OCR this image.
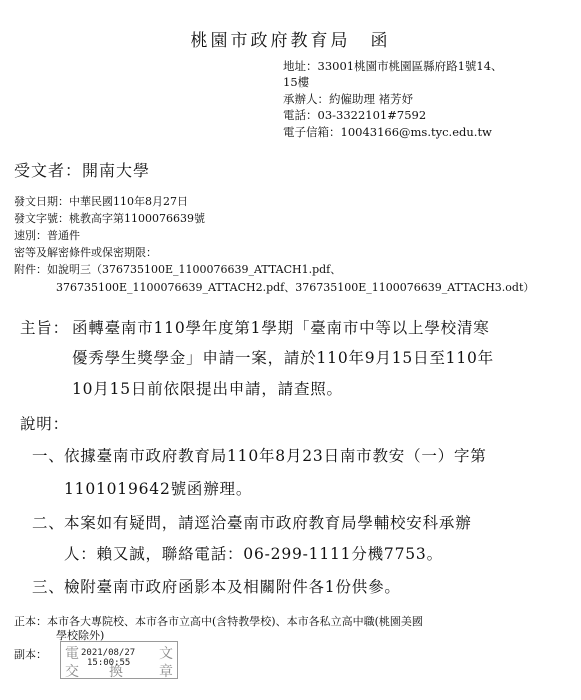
桃園市政府教育局　函
地址：33001桃園市桃園區縣府路1號14、
15樓
承辦人：約僱助理 褚芳妤
電話：03-3322101#7592
電子信箱：10043166@ms.tyc.edu.tw
受文者：開南大學
發文日期：中華民國110年8月27日
發文字號：桃教高字第1100076639號
速別：普通件
密等及解密條件或保密期限：
附件：如說明三（376735100E_1100076639_ATTACH1.pdf、
376735100E_1100076639_ATTACH2.pdf、376735100E_1100076639_ATTACH3.odt）
主旨： 函轉臺南市110學年度第1學期「臺南市中等以上學校清寒
優秀學生獎學金」申請一案，請於110年9月15日至110年
10月15日前依限提出申請，請查照。
說明：
一、 依據臺南市政府教育局110年8月23日南市教安（一）字第
1101019642號函辦理。
二、 本案如有疑問，請逕洽臺南市政府教育局學輔校安科承辦
人：賴又誠，聯絡電話：06-299-1111分機7753。
三、 檢附臺南市政府函影本及相關附件各1份供參。
正本：本市各大專院校、本市各市立高中(含特教學校)、本市各私立高中職(桃園美國
學校除外)
副本： 電	文
交 換	章
2021/08/27
15:00:55
